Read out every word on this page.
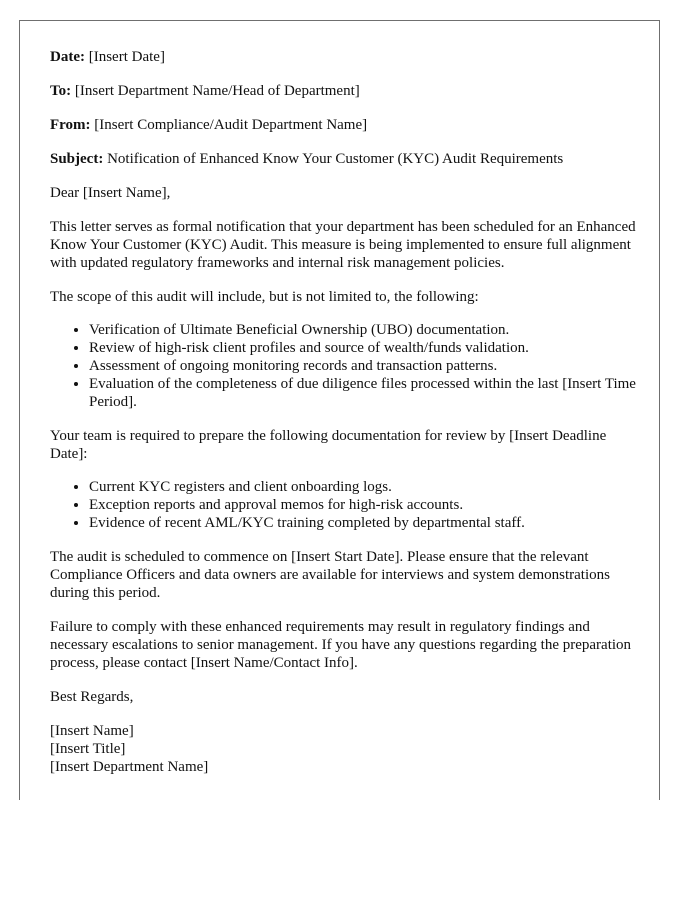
Date: [Insert Date]

To: [Insert Department Name/Head of Department]

From: [Insert Compliance/Audit Department Name]

Subject: Notification of Enhanced Know Your Customer (KYC) Audit Requirements

Dear [Insert Name],

This letter serves as formal notification that your department has been scheduled for an Enhanced Know Your Customer (KYC) Audit. This measure is being implemented to ensure full alignment with updated regulatory frameworks and internal risk management policies.

The scope of this audit will include, but is not limited to, the following:

• Verification of Ultimate Beneficial Ownership (UBO) documentation.
• Review of high-risk client profiles and source of wealth/funds validation.
• Assessment of ongoing monitoring records and transaction patterns.
• Evaluation of the completeness of due diligence files processed within the last [Insert Time Period].

Your team is required to prepare the following documentation for review by [Insert Deadline Date]:

• Current KYC registers and client onboarding logs.
• Exception reports and approval memos for high-risk accounts.
• Evidence of recent AML/KYC training completed by departmental staff.

The audit is scheduled to commence on [Insert Start Date]. Please ensure that the relevant Compliance Officers and data owners are available for interviews and system demonstrations during this period.

Failure to comply with these enhanced requirements may result in regulatory findings and necessary escalations to senior management. If you have any questions regarding the preparation process, please contact [Insert Name/Contact Info].

Best Regards,

[Insert Name]
[Insert Title]
[Insert Department Name]
